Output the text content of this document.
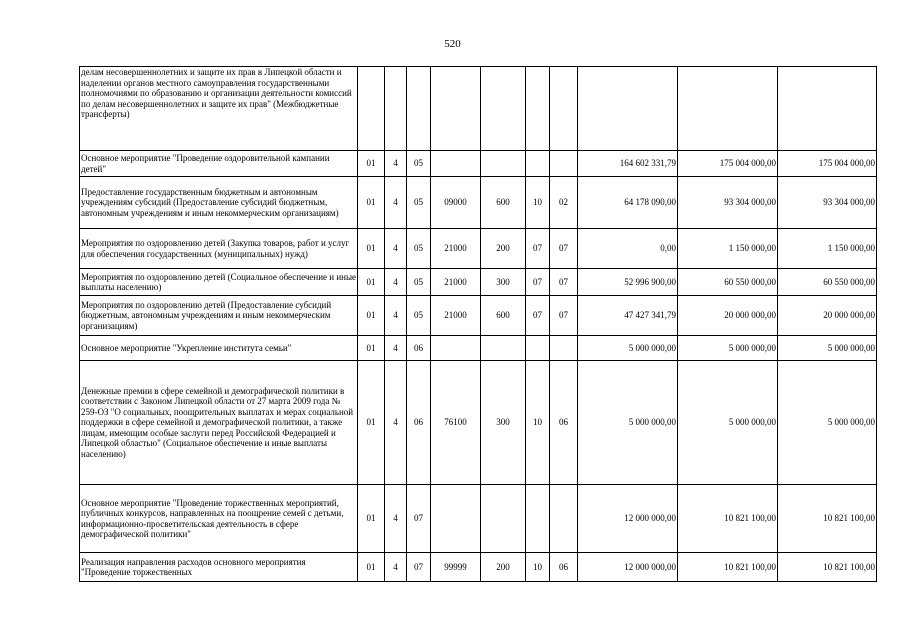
520
делам несовершеннолетних и защите их прав в Липецкой области и наделении органов местного самоуправления государственными полномочиями по образованию и организации деятельности комиссий по делам несовершеннолетних и защите их прав" (Межбюджетные трансферты)										
Основное мероприятие "Проведение оздоровительной кампании детей"	01	4	05					164 602 331,79	175 004 000,00	175 004 000,00
Предоставление государственным бюджетным и автономным учреждениям субсидий (Предоставление субсидий бюджетным, автономным учреждениям и иным некоммерческим организациям)	01	4	05	09000	600	10	02	64 178 090,00	93 304 000,00	93 304 000,00
Мероприятия по оздоровлению детей (Закупка товаров, работ и услуг для обеспечения государственных (муниципальных) нужд)	01	4	05	21000	200	07	07	0,00	1 150 000,00	1 150 000,00
Мероприятия по оздоровлению детей (Социальное обеспечение и иные выплаты населению)	01	4	05	21000	300	07	07	52 996 900,00	60 550 000,00	60 550 000,00
Мероприятия по оздоровлению детей (Предоставление субсидий бюджетным, автономным учреждениям и иным некоммерческим организациям)	01	4	05	21000	600	07	07	47 427 341,79	20 000 000,00	20 000 000,00
Основное мероприятие "Укрепление института семьи"	01	4	06					5 000 000,00	5 000 000,00	5 000 000,00
Денежные премии в сфере семейной и демографической политики в соответствии с Законом Липецкой области от 27 марта 2009 года № 259-ОЗ "О социальных, поощрительных выплатах и мерах социальной поддержки в сфере семейной и демографической политики, а также лицам, имеющим особые заслуги перед Российской Федерацией и Липецкой областью" (Социальное обеспечение и иные выплаты населению)	01	4	06	76100	300	10	06	5 000 000,00	5 000 000,00	5 000 000,00
Основное мероприятие "Проведение торжественных мероприятий, публичных конкурсов, направленных на поощрение семей с детьми, информационно-просветительская деятельность в сфере демографической политики"	01	4	07					12 000 000,00	10 821 100,00	10 821 100,00
Реализация направления расходов основного мероприятия "Проведение торжественных	01	4	07	99999	200	10	06	12 000 000,00	10 821 100,00	10 821 100,00
